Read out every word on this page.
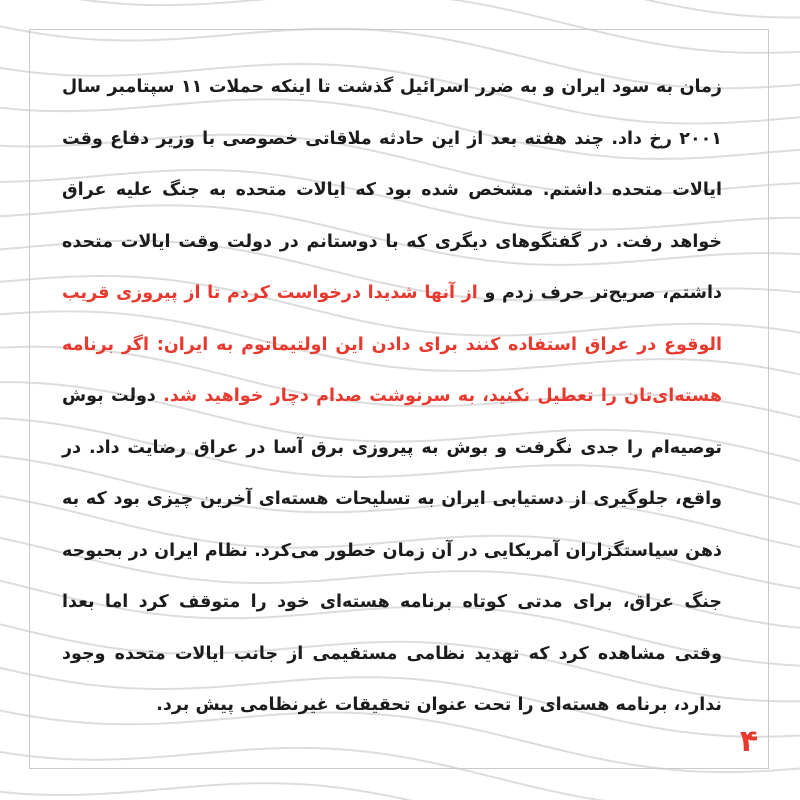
زمان به سود ایران و به ضرر اسرائیل گذشت تا اینکه حملات ۱۱ سپتامبر سال ۲۰۰۱ رخ داد. چند هفته بعد از این حادثه ملاقاتی خصوصی با وزیر دفاع وقت ایالات متحده داشتم. مشخص شده بود که ایالات متحده به جنگ علیه عراق خواهد رفت. در گفتگوهای دیگری که با دوستانم در دولت وقت ایالات متحده داشتم، صریح‌تر حرف زدم و از آنها شدیدا درخواست کردم تا از پیروزی قریب الوقوع در عراق استفاده کنند برای دادن این اولتیماتوم به ایران: اگر برنامه هسته‌ای‌تان را تعطیل نکنید، به سرنوشت صدام دچار خواهید شد. دولت بوش توصیه‌ام را جدی نگرفت و بوش به پیروزی برق آسا در عراق رضایت داد. در واقع، جلوگیری از دستیابی ایران به تسلیحات هسته‌ای آخرین چیزی بود که به ذهن سیاستگزاران آمریکایی در آن زمان خطور می‌کرد. نظام ایران در بحبوحه جنگ عراق، برای مدتی کوتاه برنامه هسته‌ای خود را متوقف کرد اما بعدا وقتی مشاهده کرد که تهدید نظامی مستقیمی از جانب ایالات متحده وجود ندارد، برنامه هسته‌ای را تحت عنوان تحقیقات غیرنظامی پیش برد.
۴
